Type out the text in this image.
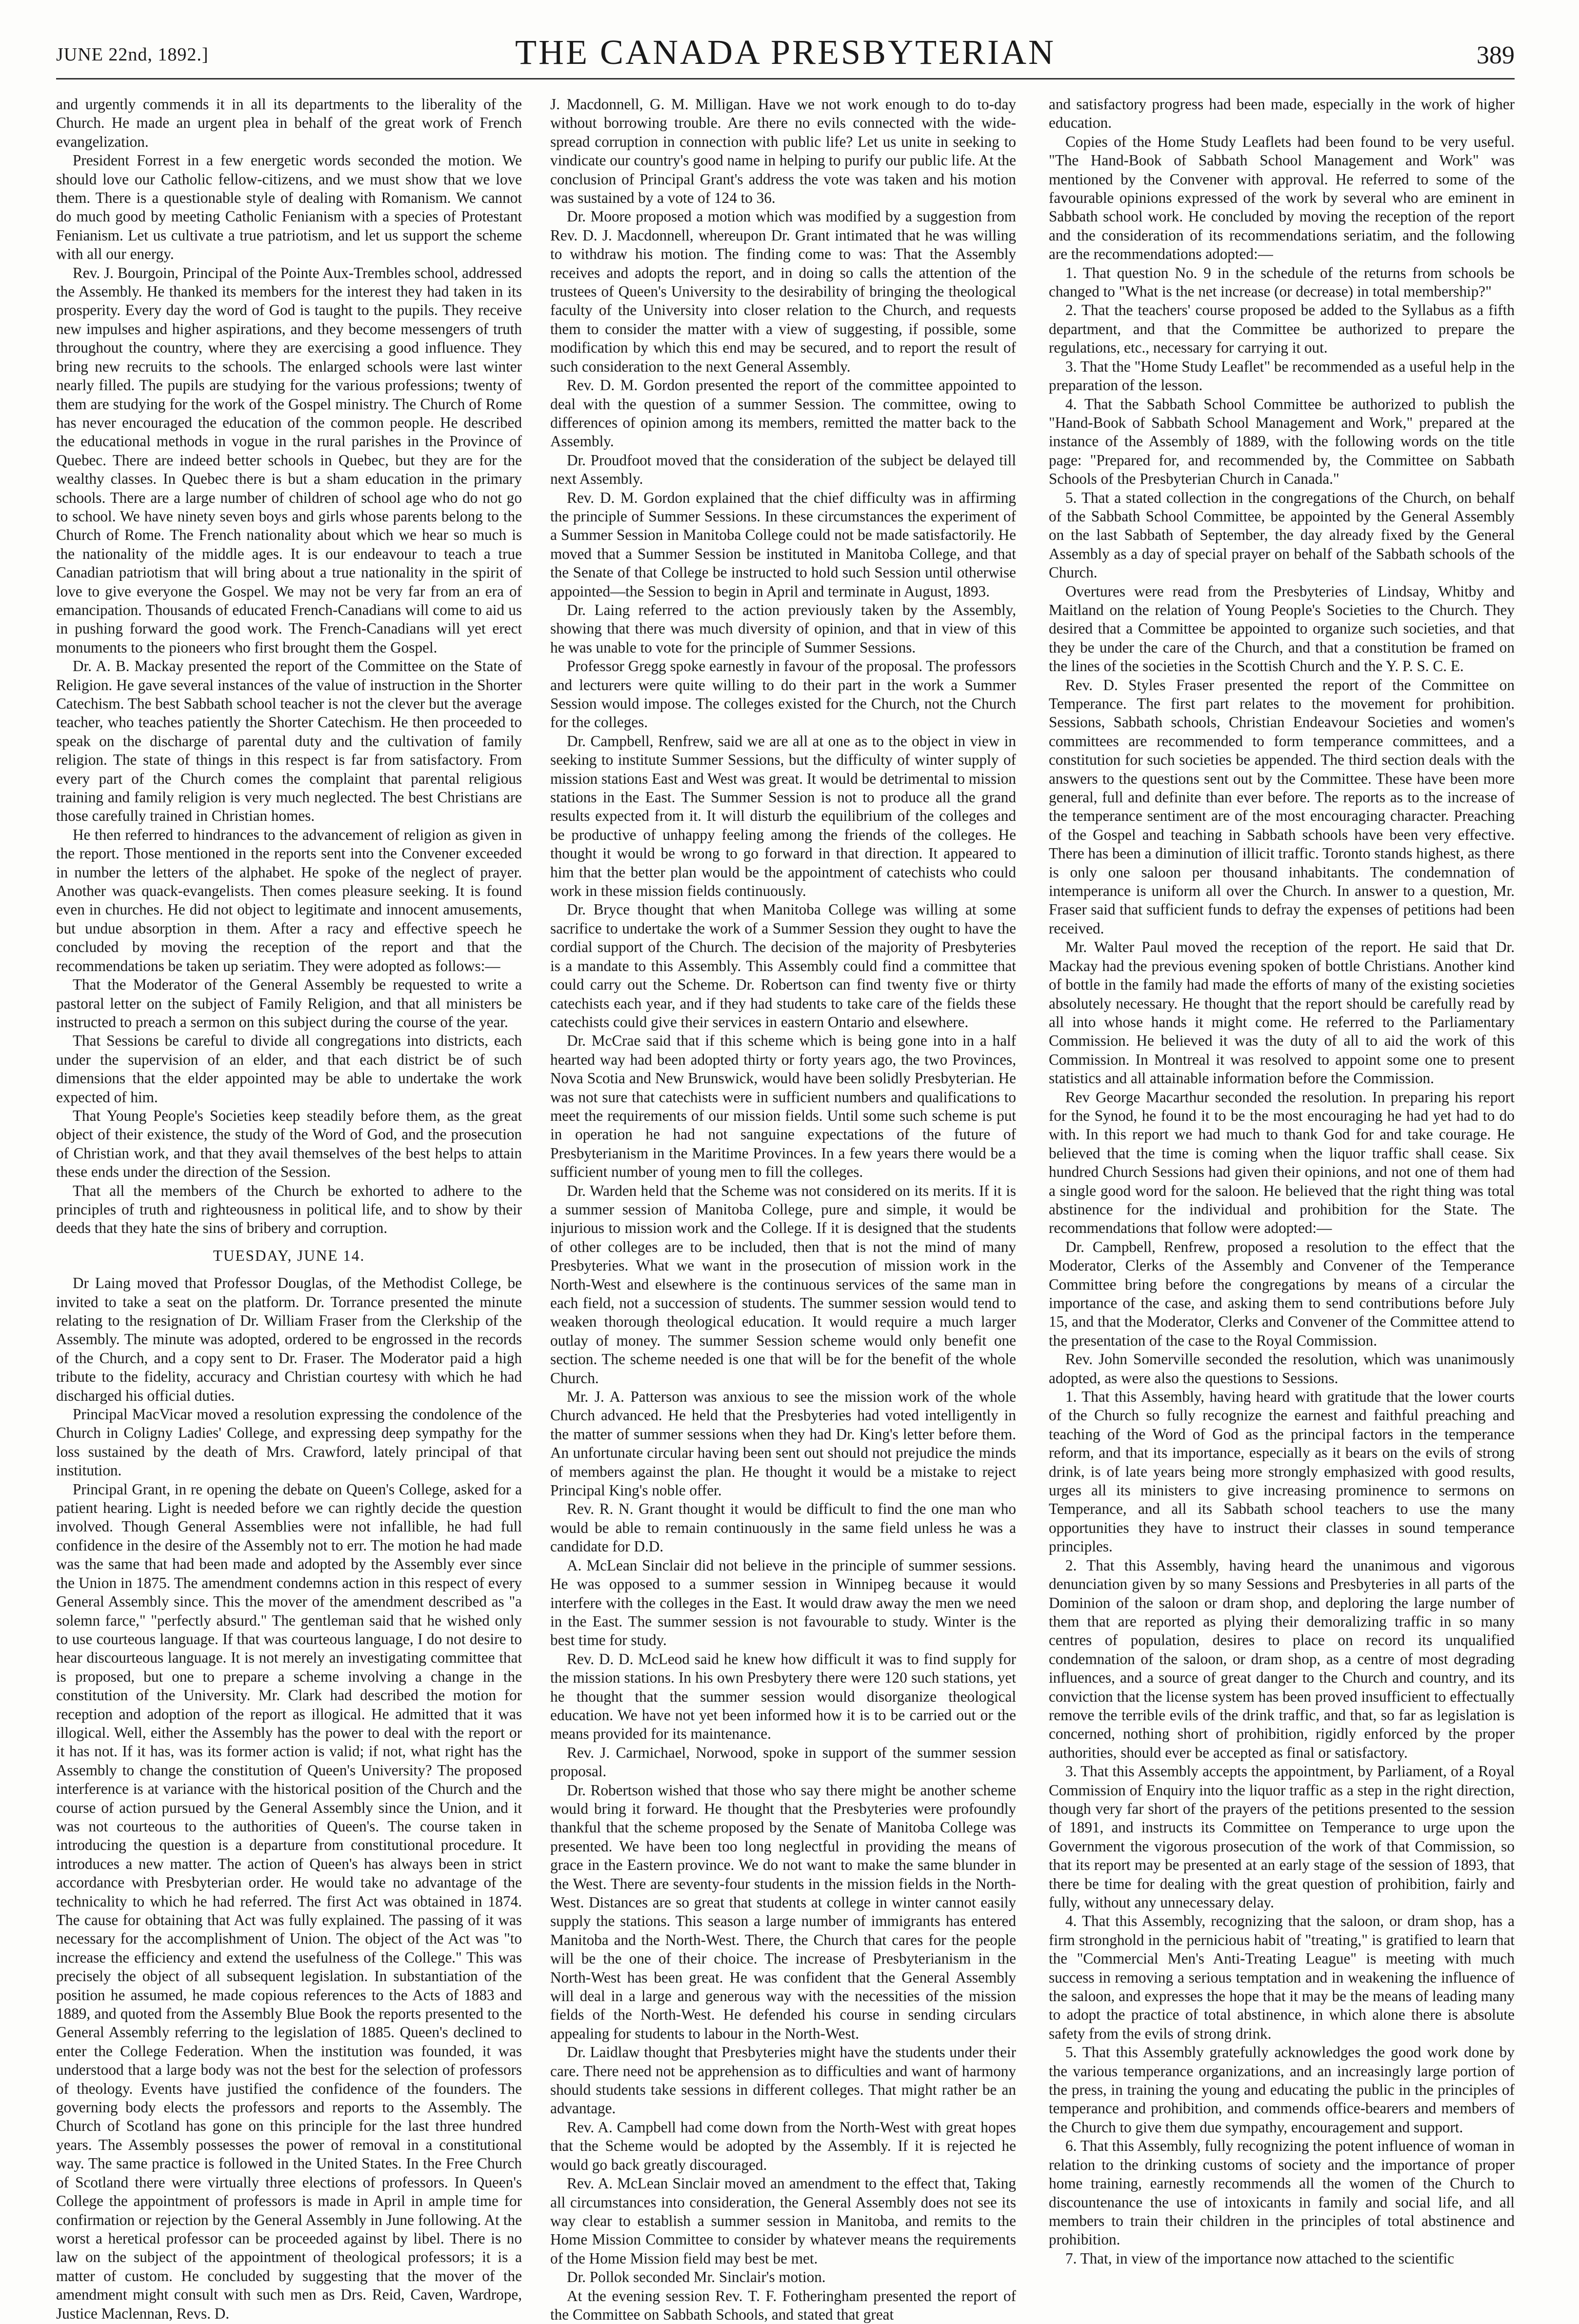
JUNE 22nd, 1892.]	THE CANADA PRESBYTERIAN	389

and urgently commends it in all its departments to the liberality of the Church. He made an urgent plea in behalf of the great work of French evangelization.

President Forrest in a few energetic words seconded the motion. We should love our Catholic fellow-citizens, and we must show that we love them. There is a questionable style of dealing with Romanism. We cannot do much good by meeting Catholic Fenianism with a species of Protestant Fenianism. Let us cultivate a true patriotism, and let us support the scheme with all our energy.

Rev. J. Bourgoin, Principal of the Pointe Aux-Trembles school, addressed the Assembly. He thanked its members for the interest they had taken in its prosperity. Every day the word of God is taught to the pupils. They receive new impulses and higher aspirations, and they become messengers of truth throughout the country, where they are exercising a good influence. They bring new recruits to the schools. The enlarged schools were last winter nearly filled. The pupils are studying for the various professions; twenty of them are studying for the work of the Gospel ministry. The Church of Rome has never encouraged the education of the common people. He described the educational methods in vogue in the rural parishes in the Province of Quebec. There are indeed better schools in Quebec, but they are for the wealthy classes. In Quebec there is but a sham education in the primary schools. There are a large number of children of school age who do not go to school. We have ninety seven boys and girls whose parents belong to the Church of Rome. The French nationality about which we hear so much is the nationality of the middle ages. It is our endeavour to teach a true Canadian patriotism that will bring about a true nationality in the spirit of love to give everyone the Gospel. We may not be very far from an era of emancipation. Thousands of educated French-Canadians will come to aid us in pushing forward the good work. The French-Canadians will yet erect monuments to the pioneers who first brought them the Gospel.

Dr. A. B. Mackay presented the report of the Committee on the State of Religion. He gave several instances of the value of instruction in the Shorter Catechism. The best Sabbath school teacher is not the clever but the average teacher, who teaches patiently the Shorter Catechism. He then proceeded to speak on the discharge of parental duty and the cultivation of family religion. The state of things in this respect is far from satisfactory. From every part of the Church comes the complaint that parental religious training and family religion is very much neglected. The best Christians are those carefully trained in Christian homes.

He then referred to hindrances to the advancement of religion as given in the report. Those mentioned in the reports sent into the Convener exceeded in number the letters of the alphabet. He spoke of the neglect of prayer. Another was quack-evangelists. Then comes pleasure seeking. It is found even in churches. He did not object to legitimate and innocent amusements, but undue absorption in them. After a racy and effective speech he concluded by moving the reception of the report and that the recommendations be taken up seriatim. They were adopted as follows:—

That the Moderator of the General Assembly be requested to write a pastoral letter on the subject of Family Religion, and that all ministers be instructed to preach a sermon on this subject during the course of the year.

That Sessions be careful to divide all congregations into districts, each under the supervision of an elder, and that each district be of such dimensions that the elder appointed may be able to undertake the work expected of him.

That Young People's Societies keep steadily before them, as the great object of their existence, the study of the Word of God, and the prosecution of Christian work, and that they avail themselves of the best helps to attain these ends under the direction of the Session.

That all the members of the Church be exhorted to adhere to the principles of truth and righteousness in political life, and to show by their deeds that they hate the sins of bribery and corruption.

TUESDAY, JUNE 14.

Dr Laing moved that Professor Douglas, of the Methodist College, be invited to take a seat on the platform. Dr. Torrance presented the minute relating to the resignation of Dr. William Fraser from the Clerkship of the Assembly. The minute was adopted, ordered to be engrossed in the records of the Church, and a copy sent to Dr. Fraser. The Moderator paid a high tribute to the fidelity, accuracy and Christian courtesy with which he had discharged his official duties.

Principal MacVicar moved a resolution expressing the condolence of the Church in Coligny Ladies' College, and expressing deep sympathy for the loss sustained by the death of Mrs. Crawford, lately principal of that institution.

Principal Grant, in re opening the debate on Queen's College, asked for a patient hearing. Light is needed before we can rightly decide the question involved. Though General Assemblies were not infallible, he had full confidence in the desire of the Assembly not to err. The motion he had made was the same that had been made and adopted by the Assembly ever since the Union in 1875. The amendment condemns action in this respect of every General Assembly since. This the mover of the amendment described as "a solemn farce," "perfectly absurd." The gentleman said that he wished only to use courteous language. If that was courteous language, I do not desire to hear discourteous language. It is not merely an investigating committee that is proposed, but one to prepare a scheme involving a change in the constitution of the University. Mr. Clark had described the motion for reception and adoption of the report as illogical. He admitted that it was illogical. Well, either the Assembly has the power to deal with the report or it has not. If it has, was its former action is valid; if not, what right has the Assembly to change the constitution of Queen's University? The proposed interference is at variance with the historical position of the Church and the course of action pursued by the General Assembly since the Union, and it was not courteous to the authorities of Queen's. The course taken in introducing the question is a departure from constitutional procedure. It introduces a new matter. The action of Queen's has always been in strict accordance with Presbyterian order. He would take no advantage of the technicality to which he had referred. The first Act was obtained in 1874. The cause for obtaining that Act was fully explained. The passing of it was necessary for the accomplishment of Union. The object of the Act was "to increase the efficiency and extend the usefulness of the College." This was precisely the object of all subsequent legislation. In substantiation of the position he assumed, he made copious references to the Acts of 1883 and 1889, and quoted from the Assembly Blue Book the reports presented to the General Assembly referring to the legislation of 1885. Queen's declined to enter the College Federation. When the institution was founded, it was understood that a large body was not the best for the selection of professors of theology. Events have justified the confidence of the founders. The governing body elects the professors and reports to the Assembly. The Church of Scotland has gone on this principle for the last three hundred years. The Assembly possesses the power of removal in a constitutional way. The same practice is followed in the United States. In the Free Church of Scotland there were virtually three elections of professors. In Queen's College the appointment of professors is made in April in ample time for confirmation or rejection by the General Assembly in June following. At the worst a heretical professor can be proceeded against by libel. There is no law on the subject of the appointment of theological professors; it is a matter of custom. He concluded by suggesting that the mover of the amendment might consult with such men as Drs. Reid, Caven, Wardrope, Justice Maclennan, Revs. D.

J. Macdonnell, G. M. Milligan. Have we not work enough to do to-day without borrowing trouble. Are there no evils connected with the wide-spread corruption in connection with public life? Let us unite in seeking to vindicate our country's good name in helping to purify our public life. At the conclusion of Principal Grant's address the vote was taken and his motion was sustained by a vote of 124 to 36.

Dr. Moore proposed a motion which was modified by a suggestion from Rev. D. J. Macdonnell, whereupon Dr. Grant intimated that he was willing to withdraw his motion. The finding come to was: That the Assembly receives and adopts the report, and in doing so calls the attention of the trustees of Queen's University to the desirability of bringing the theological faculty of the University into closer relation to the Church, and requests them to consider the matter with a view of suggesting, if possible, some modification by which this end may be secured, and to report the result of such consideration to the next General Assembly.

Rev. D. M. Gordon presented the report of the committee appointed to deal with the question of a summer Session. The committee, owing to differences of opinion among its members, remitted the matter back to the Assembly.

Dr. Proudfoot moved that the consideration of the subject be delayed till next Assembly.

Rev. D. M. Gordon explained that the chief difficulty was in affirming the principle of Summer Sessions. In these circumstances the experiment of a Summer Session in Manitoba College could not be made satisfactorily. He moved that a Summer Session be instituted in Manitoba College, and that the Senate of that College be instructed to hold such Session until otherwise appointed—the Session to begin in April and terminate in August, 1893.

Dr. Laing referred to the action previously taken by the Assembly, showing that there was much diversity of opinion, and that in view of this he was unable to vote for the principle of Summer Sessions.

Professor Gregg spoke earnestly in favour of the proposal. The professors and lecturers were quite willing to do their part in the work a Summer Session would impose. The colleges existed for the Church, not the Church for the colleges.

Dr. Campbell, Renfrew, said we are all at one as to the object in view in seeking to institute Summer Sessions, but the difficulty of winter supply of mission stations East and West was great. It would be detrimental to mission stations in the East. The Summer Session is not to produce all the grand results expected from it. It will disturb the equilibrium of the colleges and be productive of unhappy feeling among the friends of the colleges. He thought it would be wrong to go forward in that direction. It appeared to him that the better plan would be the appointment of catechists who could work in these mission fields continuously.

Dr. Bryce thought that when Manitoba College was willing at some sacrifice to undertake the work of a Summer Session they ought to have the cordial support of the Church. The decision of the majority of Presbyteries is a mandate to this Assembly. This Assembly could find a committee that could carry out the Scheme. Dr. Robertson can find twenty five or thirty catechists each year, and if they had students to take care of the fields these catechists could give their services in eastern Ontario and elsewhere.

Dr. McCrae said that if this scheme which is being gone into in a half hearted way had been adopted thirty or forty years ago, the two Provinces, Nova Scotia and New Brunswick, would have been solidly Presbyterian. He was not sure that catechists were in sufficient numbers and qualifications to meet the requirements of our mission fields. Until some such scheme is put in operation he had not sanguine expectations of the future of Presbyterianism in the Maritime Provinces. In a few years there would be a sufficient number of young men to fill the colleges.

Dr. Warden held that the Scheme was not considered on its merits. If it is a summer session of Manitoba College, pure and simple, it would be injurious to mission work and the College. If it is designed that the students of other colleges are to be included, then that is not the mind of many Presbyteries. What we want in the prosecution of mission work in the North-West and elsewhere is the continuous services of the same man in each field, not a succession of students. The summer session would tend to weaken thorough theological education. It would require a much larger outlay of money. The summer Session scheme would only benefit one section. The scheme needed is one that will be for the benefit of the whole Church.

Mr. J. A. Patterson was anxious to see the mission work of the whole Church advanced. He held that the Presbyteries had voted intelligently in the matter of summer sessions when they had Dr. King's letter before them. An unfortunate circular having been sent out should not prejudice the minds of members against the plan. He thought it would be a mistake to reject Principal King's noble offer.

Rev. R. N. Grant thought it would be difficult to find the one man who would be able to remain continuously in the same field unless he was a candidate for D.D.

A. McLean Sinclair did not believe in the principle of summer sessions. He was opposed to a summer session in Winnipeg because it would interfere with the colleges in the East. It would draw away the men we need in the East. The summer session is not favourable to study. Winter is the best time for study.

Rev. D. D. McLeod said he knew how difficult it was to find supply for the mission stations. In his own Presbytery there were 120 such stations, yet he thought that the summer session would disorganize theological education. We have not yet been informed how it is to be carried out or the means provided for its maintenance.

Rev. J. Carmichael, Norwood, spoke in support of the summer session proposal.

Dr. Robertson wished that those who say there might be another scheme would bring it forward. He thought that the Presbyteries were profoundly thankful that the scheme proposed by the Senate of Manitoba College was presented. We have been too long neglectful in providing the means of grace in the Eastern province. We do not want to make the same blunder in the West. There are seventy-four students in the mission fields in the North-West. Distances are so great that students at college in winter cannot easily supply the stations. This season a large number of immigrants has entered Manitoba and the North-West. There, the Church that cares for the people will be the one of their choice. The increase of Presbyterianism in the North-West has been great. He was confident that the General Assembly will deal in a large and generous way with the necessities of the mission fields of the North-West. He defended his course in sending circulars appealing for students to labour in the North-West.

Dr. Laidlaw thought that Presbyteries might have the students under their care. There need not be apprehension as to difficulties and want of harmony should students take sessions in different colleges. That might rather be an advantage.

Rev. A. Campbell had come down from the North-West with great hopes that the Scheme would be adopted by the Assembly. If it is rejected he would go back greatly discouraged.

Rev. A. McLean Sinclair moved an amendment to the effect that, Taking all circumstances into consideration, the General Assembly does not see its way clear to establish a summer session in Manitoba, and remits to the Home Mission Committee to consider by whatever means the requirements of the Home Mission field may best be met.

Dr. Pollok seconded Mr. Sinclair's motion.

At the evening session Rev. T. F. Fotheringham presented the report of the Committee on Sabbath Schools, and stated that great

and satisfactory progress had been made, especially in the work of higher education.

Copies of the Home Study Leaflets had been found to be very useful. "The Hand-Book of Sabbath School Management and Work" was mentioned by the Convener with approval. He referred to some of the favourable opinions expressed of the work by several who are eminent in Sabbath school work. He concluded by moving the reception of the report and the consideration of its recommendations seriatim, and the following are the recommendations adopted:—

1. That question No. 9 in the schedule of the returns from schools be changed to "What is the net increase (or decrease) in total membership?"

2. That the teachers' course proposed be added to the Syllabus as a fifth department, and that the Committee be authorized to prepare the regulations, etc., necessary for carrying it out.

3. That the "Home Study Leaflet" be recommended as a useful help in the preparation of the lesson.

4. That the Sabbath School Committee be authorized to publish the "Hand-Book of Sabbath School Management and Work," prepared at the instance of the Assembly of 1889, with the following words on the title page: "Prepared for, and recommended by, the Committee on Sabbath Schools of the Presbyterian Church in Canada."

5. That a stated collection in the congregations of the Church, on behalf of the Sabbath School Committee, be appointed by the General Assembly on the last Sabbath of September, the day already fixed by the General Assembly as a day of special prayer on behalf of the Sabbath schools of the Church.

Overtures were read from the Presbyteries of Lindsay, Whitby and Maitland on the relation of Young People's Societies to the Church. They desired that a Committee be appointed to organize such societies, and that they be under the care of the Church, and that a constitution be framed on the lines of the societies in the Scottish Church and the Y. P. S. C. E.

Rev. D. Styles Fraser presented the report of the Committee on Temperance. The first part relates to the movement for prohibition. Sessions, Sabbath schools, Christian Endeavour Societies and women's committees are recommended to form temperance committees, and a constitution for such societies be appended. The third section deals with the answers to the questions sent out by the Committee. These have been more general, full and definite than ever before. The reports as to the increase of the temperance sentiment are of the most encouraging character. Preaching of the Gospel and teaching in Sabbath schools have been very effective. There has been a diminution of illicit traffic. Toronto stands highest, as there is only one saloon per thousand inhabitants. The condemnation of intemperance is uniform all over the Church. In answer to a question, Mr. Fraser said that sufficient funds to defray the expenses of petitions had been received.

Mr. Walter Paul moved the reception of the report. He said that Dr. Mackay had the previous evening spoken of bottle Christians. Another kind of bottle in the family had made the efforts of many of the existing societies absolutely necessary. He thought that the report should be carefully read by all into whose hands it might come. He referred to the Parliamentary Commission. He believed it was the duty of all to aid the work of this Commission. In Montreal it was resolved to appoint some one to present statistics and all attainable information before the Commission.

Rev George Macarthur seconded the resolution. In preparing his report for the Synod, he found it to be the most encouraging he had yet had to do with. In this report we had much to thank God for and take courage. He believed that the time is coming when the liquor traffic shall cease. Six hundred Church Sessions had given their opinions, and not one of them had a single good word for the saloon. He believed that the right thing was total abstinence for the individual and prohibition for the State. The recommendations that follow were adopted:—

Dr. Campbell, Renfrew, proposed a resolution to the effect that the Moderator, Clerks of the Assembly and Convener of the Temperance Committee bring before the congregations by means of a circular the importance of the case, and asking them to send contributions before July 15, and that the Moderator, Clerks and Convener of the Committee attend to the presentation of the case to the Royal Commission.

Rev. John Somerville seconded the resolution, which was unanimously adopted, as were also the questions to Sessions.

1. That this Assembly, having heard with gratitude that the lower courts of the Church so fully recognize the earnest and faithful preaching and teaching of the Word of God as the principal factors in the temperance reform, and that its importance, especially as it bears on the evils of strong drink, is of late years being more strongly emphasized with good results, urges all its ministers to give increasing prominence to sermons on Temperance, and all its Sabbath school teachers to use the many opportunities they have to instruct their classes in sound temperance principles.

2. That this Assembly, having heard the unanimous and vigorous denunciation given by so many Sessions and Presbyteries in all parts of the Dominion of the saloon or dram shop, and deploring the large number of them that are reported as plying their demoralizing traffic in so many centres of population, desires to place on record its unqualified condemnation of the saloon, or dram shop, as a centre of most degrading influences, and a source of great danger to the Church and country, and its conviction that the license system has been proved insufficient to effectually remove the terrible evils of the drink traffic, and that, so far as legislation is concerned, nothing short of prohibition, rigidly enforced by the proper authorities, should ever be accepted as final or satisfactory.

3. That this Assembly accepts the appointment, by Parliament, of a Royal Commission of Enquiry into the liquor traffic as a step in the right direction, though very far short of the prayers of the petitions presented to the session of 1891, and instructs its Committee on Temperance to urge upon the Government the vigorous prosecution of the work of that Commission, so that its report may be presented at an early stage of the session of 1893, that there be time for dealing with the great question of prohibition, fairly and fully, without any unnecessary delay.

4. That this Assembly, recognizing that the saloon, or dram shop, has a firm stronghold in the pernicious habit of "treating," is gratified to learn that the "Commercial Men's Anti-Treating League" is meeting with much success in removing a serious temptation and in weakening the influence of the saloon, and expresses the hope that it may be the means of leading many to adopt the practice of total abstinence, in which alone there is absolute safety from the evils of strong drink.

5. That this Assembly gratefully acknowledges the good work done by the various temperance organizations, and an increasingly large portion of the press, in training the young and educating the public in the principles of temperance and prohibition, and commends office-bearers and members of the Church to give them due sympathy, encouragement and support.

6. That this Assembly, fully recognizing the potent influence of woman in relation to the drinking customs of society and the importance of proper home training, earnestly recommends all the women of the Church to discountenance the use of intoxicants in family and social life, and all members to train their children in the principles of total abstinence and prohibition.

7. That, in view of the importance now attached to the scientific
